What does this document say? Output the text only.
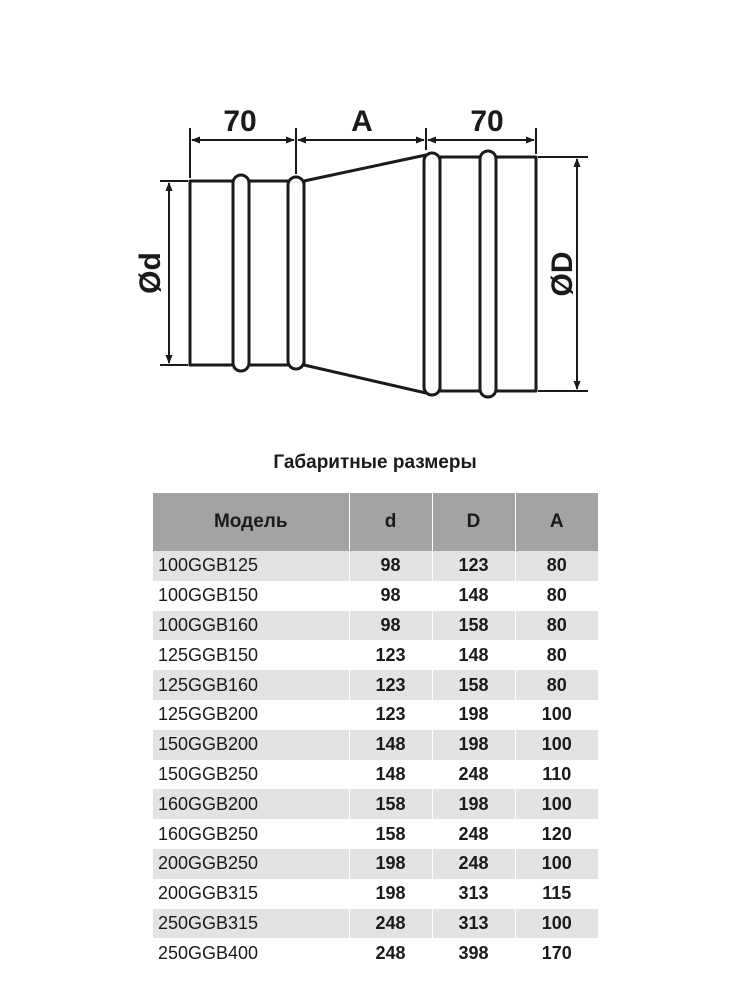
70	A	70
Ød	ØD
Габаритные размеры
Модель	d	D	A
100GGB125	98	123	80
100GGB150	98	148	80
100GGB160	98	158	80
125GGB150	123	148	80
125GGB160	123	158	80
125GGB200	123	198	100
150GGB200	148	198	100
150GGB250	148	248	110
160GGB200	158	198	100
160GGB250	158	248	120
200GGB250	198	248	100
200GGB315	198	313	115
250GGB315	248	313	100
250GGB400	248	398	170
